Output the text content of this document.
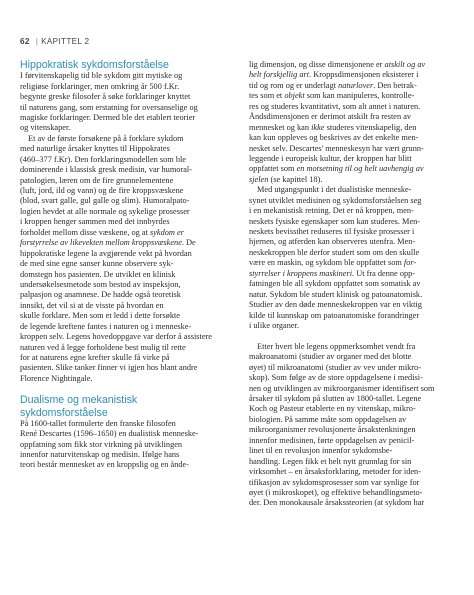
62 | KAPITTEL 2
Hippokratisk sykdomsforståelse
I førvitenskapelig tid ble sykdom gitt mytiske og
religiøse forklaringer, men omkring år 500 f.Kr.
begynte greske filosofer å søke forklaringer knyttet
til naturens gang, som erstatning for oversanselige og
magiske forklaringer. Dermed ble det etablert teorier
og vitenskaper.
Et av de første forsøkene på å forklare sykdom
med naturlige årsaker knyttes til Hippokrates
(460–377 f.Kr). Den forklaringsmodellen som ble
dominerende i klassisk gresk medisin, var humoral-
patologien, læren om de fire grunnelementene
(luft, jord, ild og vann) og de fire kroppsvæskene
(blod, svart galle, gul galle og slim). Humoralpato-
logien hevdet at alle normale og sykelige prosesser
i kroppen henger sammen med det innbyrdes
forholdet mellom disse væskene, og at sykdom er
forstyrrelse av likevekten mellom kroppsvæskene. De
hippokratiske legene la avgjørende vekt på hvordan
de med sine egne sanser kunne observere syk-
domstegn hos pasienten. De utviklet en klinisk
undersøkelsesmetode som bestod av inspeksjon,
palpasjon og anamnese. De hadde også teoretisk
innsikt, det vil si at de visste på hvordan en
skulle forklare. Men som et ledd i dette forsøkte
de legende kreftene fantes i naturen og i menneske-
kroppen selv. Legens hovedoppgave var derfor å assistere
naturen ved å legge forholdene best mulig til rette
for at naturens egne krefter skulle få virke på
pasienten. Slike tanker finner vi igjen hos blant andre
Florence Nightingale.
Dualisme og mekanistisk
sykdomsforståelse
På 1600-tallet formulerte den franske filosofen
René Descartes (1596–1650) en dualistisk menneske-
oppfatning som fikk stor virkning på utviklingen
innenfor naturvitenskap og medisin. Ifølge hans
teori består mennesket av en kroppslig og en ånde-
lig dimensjon, og disse dimensjonene er atskilt og av
helt forskjellig art. Kroppsdimensjonen eksisterer i
tid og rom og er underlagt naturlover. Den betrak-
tes som et objekt som kan manipuleres, kontrolle-
res og studeres kvantitativt, som alt annet i naturen.
Åndsdimensjonen er derimot atskilt fra resten av
mennesket og kan ikke studeres vitenskapelig, den
kan kun oppleves og beskrives av det enkelte men-
nesket selv. Descartes' menneskesyn har vært grunn-
leggende i europeisk kultur, der kroppen har blitt
oppfattet som en motsetning til og helt uavhengig av
sjelen (se kapittel 18).
Med utgangspunkt i det dualistiske menneske-
synet utviklet medisinen og sykdomsforståelsen seg
i en mekanistisk retning. Det er nå kroppen, men-
neskets fysiske egenskaper som kan studeres. Men-
neskets bevissthet reduseres til fysiske prosesser i
hjernen, og atferden kan observeres utenfra. Men-
neskekroppen ble derfor studert som om den skulle
være en maskin, og sykdom ble oppfattet som for-
styrrelser i kroppens maskineri. Ut fra denne opp-
fatningen ble all sykdom oppfattet som somatisk av
natur. Sykdom ble studert klinisk og patoanatomisk.
Studier av den døde menneskekroppen var en viktig
kilde til kunnskap om patoanatomiske forandringer
i ulike organer.
Etter hvert ble legens oppmerksomhet vendt fra
makroanatomi (studier av organer med det blotte
øyet) til mikroanatomi (studier av vev under mikro-
skop). Som følge av de store oppdagelsene i medisi-
nen og utviklingen av mikroorganismer identifisert som
årsaker til sykdom på slutten av 1800-tallet. Legene
Koch og Pasteur etablerte en ny vitenskap, mikro-
biologien. På samme måte som oppdagelsen av
mikroorganismer revolusjonerte årsakstenkningen
innenfor medisinen, førte oppdagelsen av penicil-
linet til en revolusjon innenfor sykdomsbe-
handling. Legen fikk et helt nytt grunnlag for sin
virksomhet – en årsaksforklaring, metoder for iden-
tifikasjon av sykdomsprosesser som var synlige for
øyet (i mikroskopet), og effektive behandlingsmeto-
der. Den monokausale årsakssteorien (at sykdom har
